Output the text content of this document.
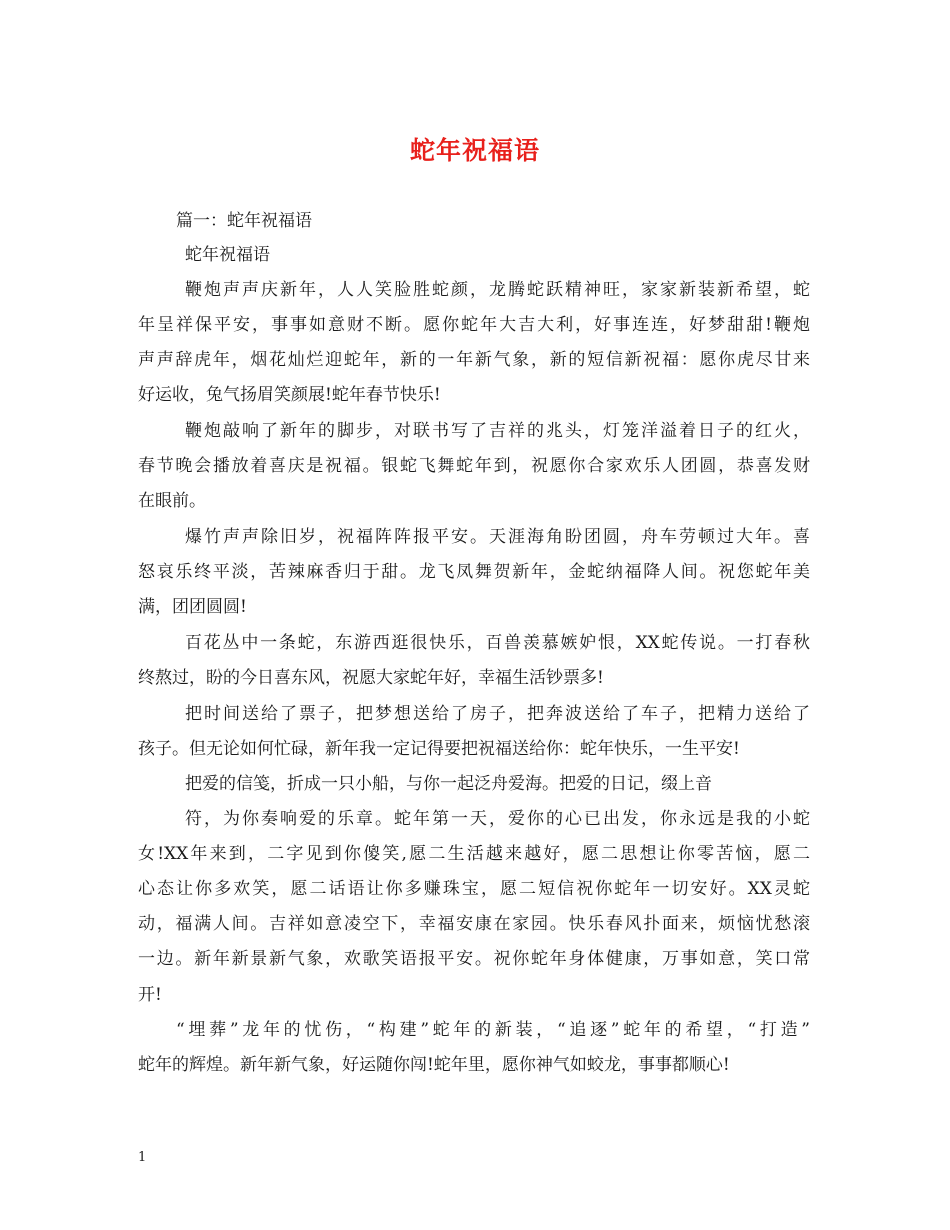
蛇年祝福语
篇一：蛇年祝福语
蛇年祝福语
鞭炮声声庆新年，人人笑脸胜蛇颜，龙腾蛇跃精神旺，家家新装新希望，蛇
年呈祥保平安，事事如意财不断。愿你蛇年大吉大利，好事连连，好梦甜甜!鞭炮
声声辞虎年，烟花灿烂迎蛇年，新的一年新气象，新的短信新祝福：愿你虎尽甘来
好运收，兔气扬眉笑颜展!蛇年春节快乐!
鞭炮敲响了新年的脚步，对联书写了吉祥的兆头，灯笼洋溢着日子的红火，
春节晚会播放着喜庆是祝福。银蛇飞舞蛇年到，祝愿你合家欢乐人团圆，恭喜发财
在眼前。
爆竹声声除旧岁，祝福阵阵报平安。天涯海角盼团圆，舟车劳顿过大年。喜
怒哀乐终平淡，苦辣麻香归于甜。龙飞凤舞贺新年，金蛇纳福降人间。祝您蛇年美
满，团团圆圆!
百花丛中一条蛇，东游西逛很快乐，百兽羡慕嫉妒恨，XX蛇传说。一打春秋
终熬过，盼的今日喜东风，祝愿大家蛇年好，幸福生活钞票多!
把时间送给了票子，把梦想送给了房子，把奔波送给了车子，把精力送给了
孩子。但无论如何忙碌，新年我一定记得要把祝福送给你：蛇年快乐，一生平安!
把爱的信笺，折成一只小船，与你一起泛舟爱海。把爱的日记，缀上音
符，为你奏响爱的乐章。蛇年第一天，爱你的心已出发，你永远是我的小蛇
女!XX年来到，二字见到你傻笑,愿二生活越来越好，愿二思想让你零苦恼，愿二
心态让你多欢笑，愿二话语让你多赚珠宝，愿二短信祝你蛇年一切安好。XX灵蛇
动，福满人间。吉祥如意凌空下，幸福安康在家园。快乐春风扑面来，烦恼忧愁滚
一边。新年新景新气象，欢歌笑语报平安。祝你蛇年身体健康，万事如意，笑口常
开!
“埋葬”龙年的忧伤，“构建”蛇年的新装，“追逐”蛇年的希望，“打造”
蛇年的辉煌。新年新气象，好运随你闯!蛇年里，愿你神气如蛟龙，事事都顺心!
1
